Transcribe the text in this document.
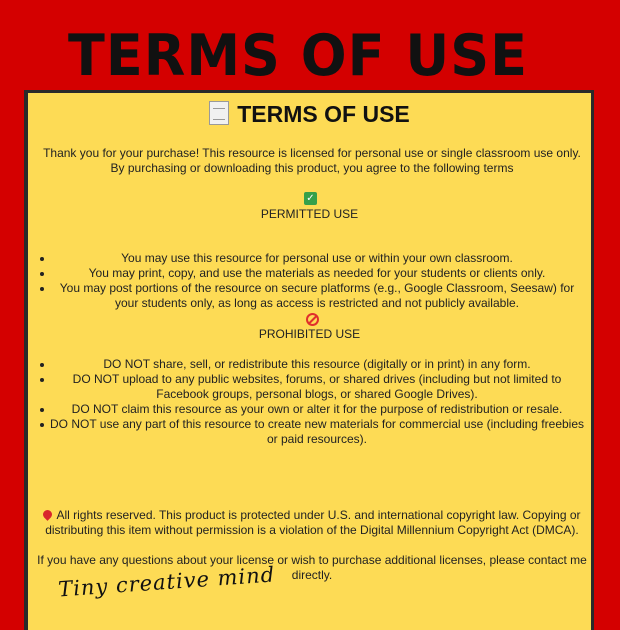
TERMS OF USE
TERMS OF USE
Thank you for your purchase! This resource is licensed for personal use or single classroom use only. By purchasing or downloading this product, you agree to the following terms
✓
PERMITTED USE
You may use this resource for personal use or within your own classroom.
You may print, copy, and use the materials as needed for your students or clients only.
You may post portions of the resource on secure platforms (e.g., Google Classroom, Seesaw) for your students only, as long as access is restricted and not publicly available.
PROHIBITED USE
DO NOT share, sell, or redistribute this resource (digitally or in print) in any form.
DO NOT upload to any public websites, forums, or shared drives (including but not limited to Facebook groups, personal blogs, or shared Google Drives).
DO NOT claim this resource as your own or alter it for the purpose of redistribution or resale.
DO NOT use any part of this resource to create new materials for commercial use (including freebies or paid resources).
All rights reserved. This product is protected under U.S. and international copyright law. Copying or distributing this item without permission is a violation of the Digital Millennium Copyright Act (DMCA).
If you have any questions about your license or wish to purchase additional licenses, please contact me directly.
Tiny creative mind
